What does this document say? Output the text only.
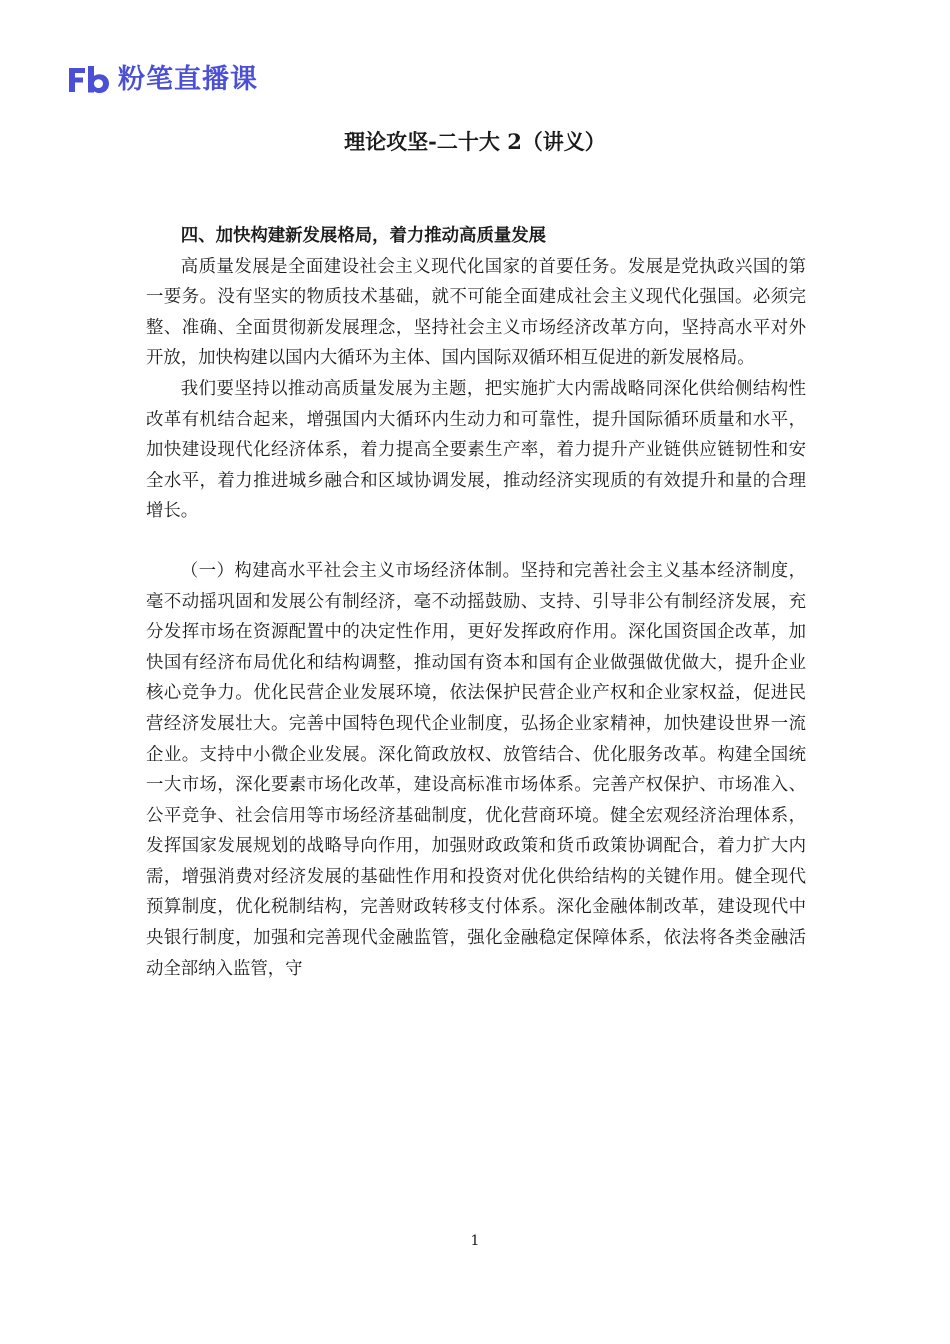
粉笔直播课
理论攻坚-二十大 2（讲义）

四、加快构建新发展格局，着力推动高质量发展

高质量发展是全面建设社会主义现代化国家的首要任务。发展是党执政兴国的第一要务。没有坚实的物质技术基础，就不可能全面建成社会主义现代化强国。必须完整、准确、全面贯彻新发展理念，坚持社会主义市场经济改革方向，坚持高水平对外开放，加快构建以国内大循环为主体、国内国际双循环相互促进的新发展格局。

我们要坚持以推动高质量发展为主题，把实施扩大内需战略同深化供给侧结构性改革有机结合起来，增强国内大循环内生动力和可靠性，提升国际循环质量和水平，加快建设现代化经济体系，着力提高全要素生产率，着力提升产业链供应链韧性和安全水平，着力推进城乡融合和区域协调发展，推动经济实现质的有效提升和量的合理增长。

（一）构建高水平社会主义市场经济体制。坚持和完善社会主义基本经济制度，毫不动摇巩固和发展公有制经济，毫不动摇鼓励、支持、引导非公有制经济发展，充分发挥市场在资源配置中的决定性作用，更好发挥政府作用。深化国资国企改革，加快国有经济布局优化和结构调整，推动国有资本和国有企业做强做优做大，提升企业核心竞争力。优化民营企业发展环境，依法保护民营企业产权和企业家权益，促进民营经济发展壮大。完善中国特色现代企业制度，弘扬企业家精神，加快建设世界一流企业。支持中小微企业发展。深化简政放权、放管结合、优化服务改革。构建全国统一大市场，深化要素市场化改革，建设高标准市场体系。完善产权保护、市场准入、公平竞争、社会信用等市场经济基础制度，优化营商环境。健全宏观经济治理体系，发挥国家发展规划的战略导向作用，加强财政政策和货币政策协调配合，着力扩大内需，增强消费对经济发展的基础性作用和投资对优化供给结构的关键作用。健全现代预算制度，优化税制结构，完善财政转移支付体系。深化金融体制改革，建设现代中央银行制度，加强和完善现代金融监管，强化金融稳定保障体系，依法将各类金融活动全部纳入监管，守

1
